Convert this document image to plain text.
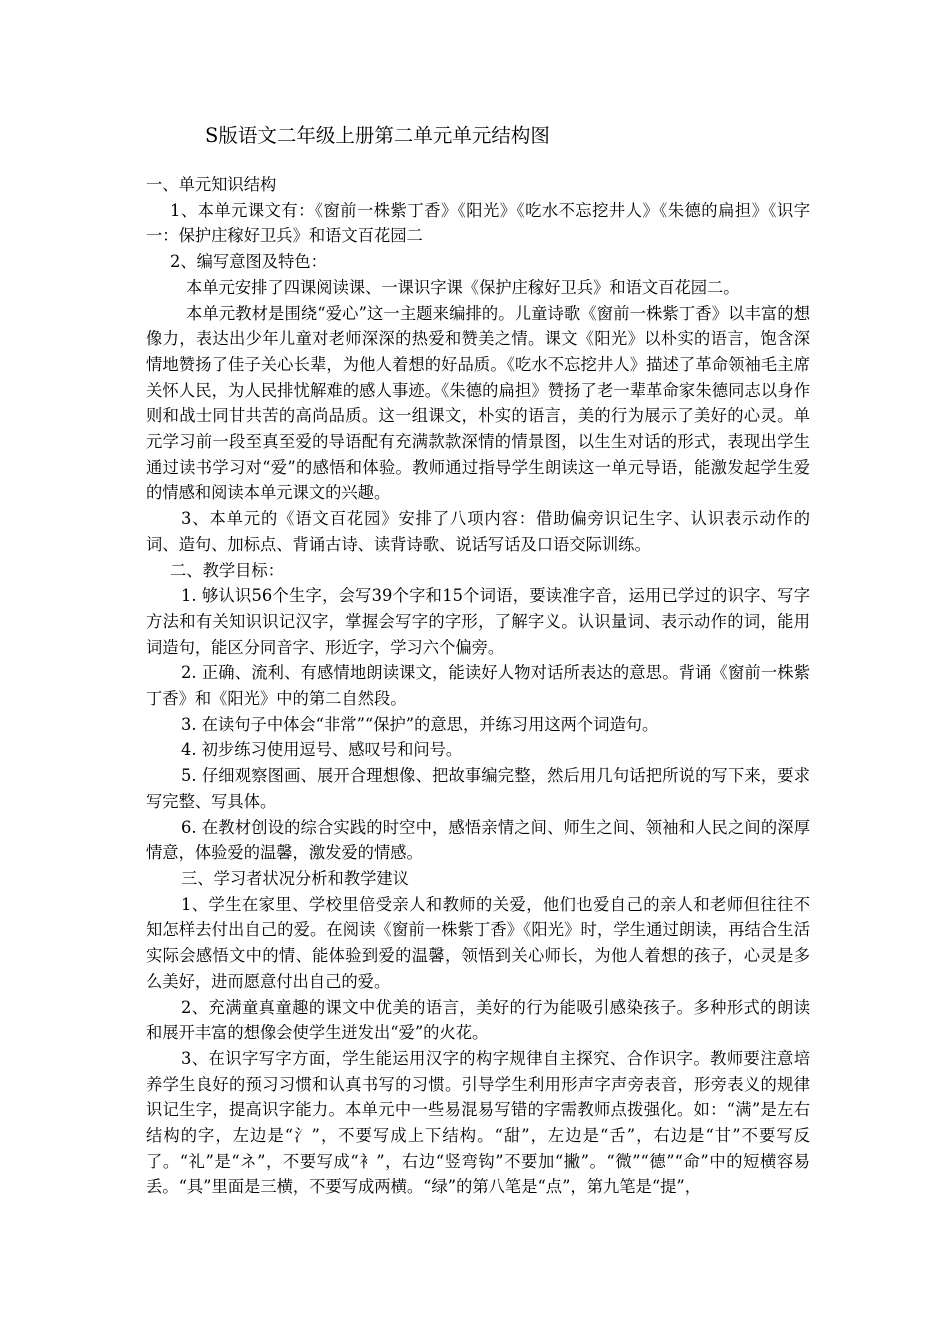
S版语文二年级上册第二单元单元结构图

一、单元知识结构

1、本单元课文有：《窗前一株紫丁香》《阳光》《吃水不忘挖井人》《朱德的扁担》《识字一：保护庄稼好卫兵》和语文百花园二

2、编写意图及特色：

本单元安排了四课阅读课、一课识字课《保护庄稼好卫兵》和语文百花园二。

本单元教材是围绕“爱心”这一主题来编排的。儿童诗歌《窗前一株紫丁香》以丰富的想像力，表达出少年儿童对老师深深的热爱和赞美之情。课文《阳光》以朴实的语言，饱含深情地赞扬了佳子关心长辈，为他人着想的好品质。《吃水不忘挖井人》描述了革命领袖毛主席关怀人民，为人民排忧解难的感人事迹。《朱德的扁担》赞扬了老一辈革命家朱德同志以身作则和战士同甘共苦的高尚品质。这一组课文，朴实的语言，美的行为展示了美好的心灵。单元学习前一段至真至爱的导语配有充满款款深情的情景图，以生生对话的形式，表现出学生通过读书学习对“爱”的感悟和体验。教师通过指导学生朗读这一单元导语，能激发起学生爱的情感和阅读本单元课文的兴趣。

3、本单元的《语文百花园》安排了八项内容：借助偏旁识记生字、认识表示动作的词、造句、加标点、背诵古诗、读背诗歌、说话写话及口语交际训练。

二、教学目标：

1. 够认识56个生字，会写39个字和15个词语，要读准字音，运用已学过的识字、写字方法和有关知识识记汉字，掌握会写字的字形，了解字义。认识量词、表示动作的词，能用词造句，能区分同音字、形近字，学习六个偏旁。

2. 正确、流利、有感情地朗读课文，能读好人物对话所表达的意思。背诵《窗前一株紫丁香》和《阳光》中的第二自然段。

3. 在读句子中体会“非常”“保护”的意思，并练习用这两个词造句。

4. 初步练习使用逗号、感叹号和问号。

5. 仔细观察图画、展开合理想像、把故事编完整，然后用几句话把所说的写下来，要求写完整、写具体。

6. 在教材创设的综合实践的时空中，感悟亲情之间、师生之间、领袖和人民之间的深厚情意，体验爱的温馨，激发爱的情感。

三、学习者状况分析和教学建议

1、学生在家里、学校里倍受亲人和教师的关爱，他们也爱自己的亲人和老师但往往不知怎样去付出自己的爱。在阅读《窗前一株紫丁香》《阳光》时，学生通过朗读，再结合生活实际会感悟文中的情、能体验到爱的温馨，领悟到关心师长，为他人着想的孩子，心灵是多么美好，进而愿意付出自己的爱。

2、充满童真童趣的课文中优美的语言，美好的行为能吸引感染孩子。多种形式的朗读和展开丰富的想像会使学生迸发出“爱”的火花。

3、在识字写字方面，学生能运用汉字的构字规律自主探究、合作识字。教师要注意培养学生良好的预习习惯和认真书写的习惯。引导学生利用形声字声旁表音，形旁表义的规律识记生字，提高识字能力。本单元中一些易混易写错的字需教师点拨强化。如：“满”是左右结构的字，左边是“氵”，不要写成上下结构。“甜”，左边是“舌”，右边是“甘”不要写反了。“礼”是“ネ”，不要写成“衤”，右边“竖弯钩”不要加“撇”。“微”“德”“命”中的短横容易丢。“具”里面是三横，不要写成两横。“绿”的第八笔是“点”，第九笔是“提”，
